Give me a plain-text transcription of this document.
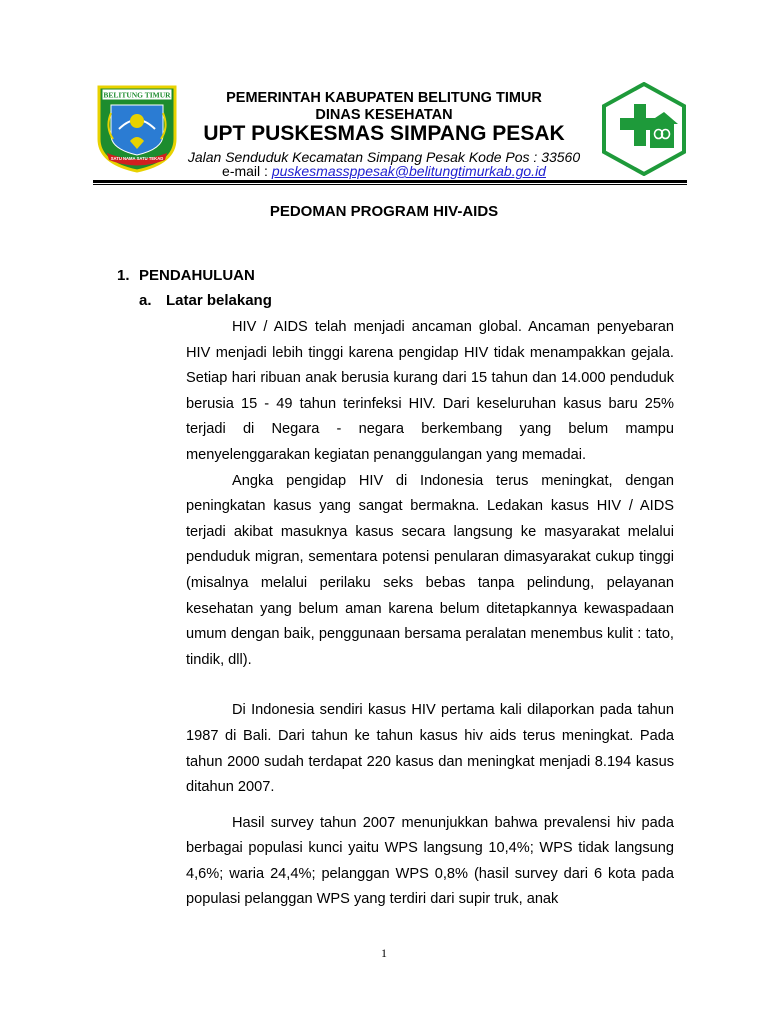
BELITUNG TIMUR
SATU NAMA SATU TEKAD
PEMERINTAH KABUPATEN BELITUNG TIMUR
DINAS KESEHATAN
UPT PUSKESMAS SIMPANG PESAK
Jalan Senduduk Kecamatan Simpang Pesak Kode Pos : 33560
e-mail : puskesmassppesak@belitungtimurkab.go.id
PEDOMAN PROGRAM HIV-AIDS
1. PENDAHULUAN
a. Latar belakang

HIV / AIDS telah menjadi ancaman global. Ancaman penyebaran HIV menjadi lebih tinggi karena pengidap HIV tidak menampakkan gejala. Setiap hari ribuan anak berusia kurang dari 15 tahun dan 14.000 penduduk berusia 15 - 49 tahun terinfeksi HIV. Dari keseluruhan kasus baru 25% terjadi di Negara - negara berkembang yang belum mampu menyelenggarakan kegiatan penanggulangan yang memadai.

Angka pengidap HIV di Indonesia terus meningkat, dengan peningkatan kasus yang sangat bermakna. Ledakan kasus HIV / AIDS terjadi akibat masuknya kasus secara langsung ke masyarakat melalui penduduk migran, sementara potensi penularan dimasyarakat cukup tinggi (misalnya melalui perilaku seks bebas tanpa pelindung, pelayanan kesehatan yang belum aman karena belum ditetapkannya kewaspadaan umum dengan baik, penggunaan bersama peralatan menembus kulit : tato, tindik, dll).

Di Indonesia sendiri kasus HIV pertama kali dilaporkan pada tahun 1987 di Bali. Dari tahun ke tahun kasus hiv aids terus meningkat. Pada tahun 2000 sudah terdapat 220 kasus dan meningkat menjadi 8.194 kasus ditahun 2007.

Hasil survey tahun 2007 menunjukkan bahwa prevalensi hiv pada berbagai populasi kunci yaitu WPS langsung 10,4%; WPS tidak langsung 4,6%; waria 24,4%; pelanggan WPS 0,8% (hasil survey dari 6 kota pada populasi pelanggan WPS yang terdiri dari supir truk, anak

1
